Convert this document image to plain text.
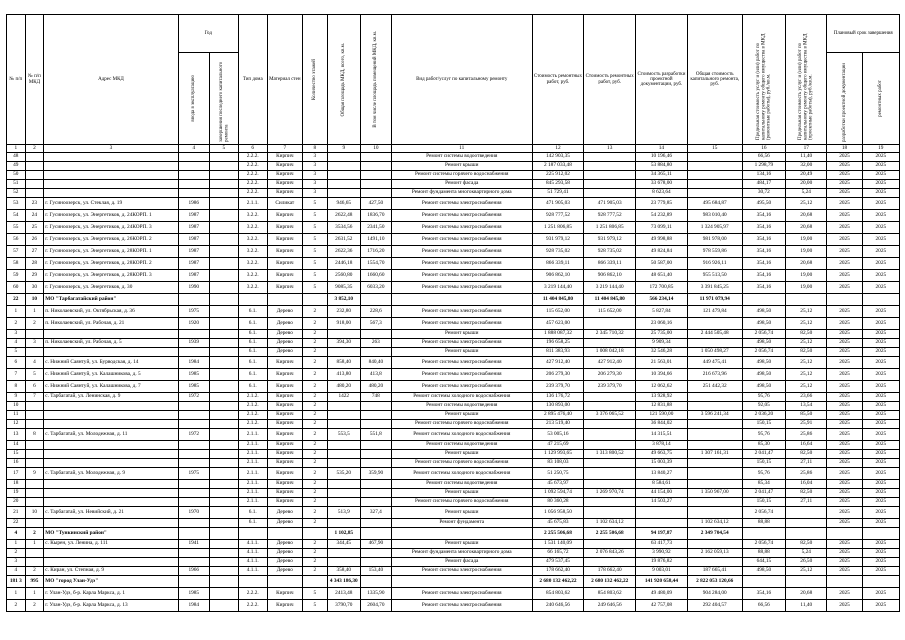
№ п/п	№ п/п МКД	Адрес МКД	Год		Тип дома	Материал стен	Количество этажей	Общая площадь МКД, всего, кв.м.	В том числе площадь помещений МКД, кв.м.	Вид работ/услуг по капитальному ремонту	Стоимость ремонтных работ, руб.	Стоимость ремонтных работ, руб.	Стоимость разработки проектной документации, руб.	Общая стоимость капитального ремонта, руб.	Предельная стоимость услуг и (или) работ по капитальному ремонту общего имущества в МКД (ремонтные работы), руб./кв.м.	Предельная стоимость услуг и (или) работ по капитальному ремонту общего имущества в МКД (проектные работы), руб./кв.м.	Плановый срок завершения	

			ввода в эксплуатацию	завершения последнего капитального ремонта													разработки проектной документации	ремонтных работ

1	2	3	4	5	6	7	8	9	10	11	12	13	14	15	16	17	18	19
48					2.2.2.	Кирпич	3			Ремонт системы водоотведения	142 903,35		10 196,46		66,56	11,40	2025	2025
49					2.2.2.	Кирпич	3			Ремонт крыши	2 187 033,48		53 884,80		1 298,79	32,00	2025	2025
50					2.2.2.	Кирпич	3			Ремонт системы горячего водоснабжения	225 912,02		34 365,11		134,16	20,49	2025	2025
51					2.2.2.	Кирпич	3			Ремонт фасада	845 293,58		33 678,00		484,17	20,00	2025	2025
52					2.2.2.	Кирпич	3			Ремонт фундамента многоквартирного дома	51 729,41		8 623,64		30,72	5,24	2025	2025
53	23	г. Гусиноозерск, ул. Стеклая, д. 19	1986		2.1.1.	Силикат	5	946,65	427,50	Ремонт системы электроснабжения	471 905,03	471 905,03	23 779,85	495 684,87	495,50	25,12	2025	2025
54	24	г. Гусиноозерск, ул. Энергетиков, д. 24КОРП. 1	1987		3.2.2.	Кирпич	5	2622,48	1836,70	Ремонт системы электроснабжения	928 777,52	928 777,52	54 232,89	983 010,40	354,16	20,68	2025	2025
55	25	г. Гусиноозерск, ул. Энергетиков, д. 24КОРП. 3	1987		3.2.2.	Кирпич	5	3534,56	2341,50	Ремонт системы электроснабжения	1 251 806,85	1 251 806,85	73 099,11	1 324 905,97	354,16	20,68	2025	2025
56	26	г. Гусиноозерск, ул. Энергетиков, д. 26КОРП. 2	1987		3.2.2.	Кирпич	5	2631,52	1491,10	Ремонт системы электроснабжения	931 979,12	931 979,12	49 998,88	981 978,00	354,16	19,00	2025	2025
57	27	г. Гусиноозерск, ул. Энергетиков, д. 28КОРП. 1	1987		3.2.2.	Кирпич	5	2622,36	1716,20	Ремонт системы электроснабжения	928 735,02	928 735,02	49 824,84	978 559,86	354,16	19,00	2025	2025
58	28	г. Гусиноозерск, ул. Энергетиков, д. 28КОРП. 2	1987		3.2.2.	Кирпич	5	2446,18	1554,70	Ремонт системы электроснабжения	866 339,11	866 339,11	50 587,00	916 926,11	354,16	20,68	2025	2025
59	29	г. Гусиноозерск, ул. Энергетиков, д. 28КОРП. 3	1987		3.2.2.	Кирпич	5	2560,80	1660,60	Ремонт системы электроснабжения	906 862,10	906 862,10	48 651,40	955 513,50	354,16	19,00	2025	2025
60	30	г. Гусиноозерск, ул. Энергетиков, д. 30	1990		3.2.2.	Кирпич	5	9085,35	6033,20	Ремонт системы электроснабжения	3 219 144,40	3 219 144,40	172 700,85	3 391 845,25	354,16	19,00	2025	2025
22	10	МО "Тарбагатайский район"						3 852,10			11 404 845,80	11 404 845,80	566 234,14	11 971 079,94				
1	1	п. Николаевский, ул. Октябрьская, д. 36	1975		6.1.	Дерево	2	232,80	228,6	Ремонт системы электроснабжения	115 652,00	115 652,00	5 827,84	121 479,84	498,50	25,12	2025	2025
2	2	п. Николаевский, ул. Рабочая, д. 21	1920		6.1.	Дерево	2	918,00	567,3	Ремонт системы электроснабжения	457 623,00		23 060,16		498,50	25,12	2025	2025
3					6.1.	Дерево	2			Ремонт крыши	1 888 087,32	2 345 710,32	25 735,00	2 444 505,48	2 056,74	82,50	2025	2025
4	3	п. Николаевский, ул. Рабочая, д. 5	1939		6.1.	Дерево	2	394,30	263	Ремонт системы электроснабжения	196 658,25		9 909,34		498,50	25,12	2025	2025
5					6.1.	Дерево	2			Ремонт крыши	811 383,93	1 008 042,18	32 546,28	1 050 498,27	2 056,74	82,50	2025	2025
6	4	с. Нижний Саянтуй, ул. Бурводская, д. 14	1984		6.1.	Кирпич	2	858,40	840,40	Ремонт системы электроснабжения	427 912,40	427 912,40	21 563,01	449 475,41	498,50	25,12	2025	2025
7	5	с. Нижний Саянтуй, ул. Калашникова, д. 5	1985		6.1.	Кирпич	2	413,80	413,8	Ремонт системы электроснабжения	206 279,30	206 279,30	10 394,66	216 673,96	498,50	25,12	2025	2025
8	6	с. Нижний Саянтуй, ул. Калашникова, д. 7	1985		6.1.	Кирпич	2	480,20	480,20	Ремонт системы электроснабжения	239 379,70	239 379,70	12 062,62	251 442,32	498,50	25,12	2025	2025
9	7	с. Тарбагатай, ул. Ленинская, д. 9	1972		2.1.2.	Кирпич	2	1422	748	Ремонт системы холодного водоснабжения	136 176,72		13 928,92		95,76	23,66	2025	2025
10					2.1.2.	Кирпич	2			Ремонт системы водоотведения	130 893,00		12 831,88		92,05	13,54	2025	2025
11					2.1.2.	Кирпич	2			Ремонт крыши	2 895 476,40	3 376 065,52	121 590,00	3 596 241,34	2 036,20	85,50	2025	2025
12					2.1.2.	Кирпич	2			Ремонт системы горячего водоснабжения	213 519,40		36 844,02		150,15	25,91	2025	2025
13	8	с. Тарбагатай, ул. Молодежная, д. 11	1972		2.1.1.	Кирпич	2	553,5	551,8	Ремонт системы холодного водоснабжения	53 005,16		14 315,51		95,76	25,86	2025	2025
14					2.1.1.	Кирпич	2			Ремонт системы водоотведения	47 215,69		3 878,14		85,30	16,64	2025	2025
15					2.1.1.	Кирпич	2			Ремонт крыши	1 129 993,65	1 313 800,52	49 663,75	1 307 161,31	2 041,47	82,50	2025	2025
16					2.1.1.	Кирпич	2			Ремонт системы горячего водоснабжения	83 108,03		15 003,39		150,15	27,11	2025	2025
17	9	с. Тарбагатай, ул. Молодежная, д. 9	1975		2.1.1.	Кирпич	2	535,20	359,90	Ремонт системы холодного водоснабжения	51 250,75		13 840,27		95,76	25,86	2025	2025
18					2.1.1.	Кирпич	2			Ремонт системы водоотведения	45 673,97		8 584,61		85,34	16,04	2025	2025
19					2.1.1.	Кирпич	2			Ремонт крыши	1 092 594,74	1 269 970,74	44 154,00	1 350 967,00	2 041,47	82,50	2025	2025
20					2.1.1.	Кирпич	2			Ремонт системы горячего водоснабжения	80 360,28		14 503,27		150,15	27,11	2025	2025
21	10	с. Тарбагатай, ул. Невийский, д. 21	1970		6.1.	Дерево	2	513,9	327,4	Ремонт крыши	1 056 958,50				2 056,74		2025	2025
22					6.1.	Дерево	2			Ремонт фундамента	45 675,83	1 102 634,12		1 102 634,12	88,88		2025	2025
4	2	МО "Тункинский район"						1 102,85			2 255 506,68	2 255 506,68	94 197,87	2 349 704,54				
1	1	с. Кырен, ул. Ленина, д. 111	1941		4.1.1.	Дерево	2	344,45	467,90	Ремонт крыши	1 531 140,09		63 417,73		2 056,74	82,50	2025	2025
2					4.1.1.	Дерево	2			Ремонт фундамента многоквартирного дома	66 165,72	2 076 843,26	3 990,92	2 162 059,13	88,88	5,24	2025	2025
3					4.1.1.	Дерево	2			Ремонт фасада	479 537,45		19 876,82		644,15	26,50	2025	2025
4	2	с. Киран, ул. Степная, д. 9	1966		4.1.1.	Дерево	2	358,40	153,40	Ремонт системы электроснабжения	178 662,40	178 662,40	9 003,01	187 665,41	498,50	25,12	2025	2025
181 3	995	МО "город Улан-Удэ"						4 343 186,30			2 680 132 462,22	2 680 132 462,22	141 920 658,44	2 822 053 120,66				
1	1	г. Улан-Удэ, б-р. Карла Маркса, д. 1	1985		2.2.2.	Кирпич	5	2413,48	1335,90	Ремонт системы электроснабжения	854 803,62	854 803,62	49 480,09	904 284,00	354,16	20,68	2025	2025
2	2	г. Улан-Удэ, б-р. Карла Маркса, д. 13	1984		2.2.2.	Кирпич	5	3790,70	2604,70	Ремонт системы электроснабжения	240 646,56	249 646,56	42 757,08	292 404,57	66,56	11,40	2025	2025
